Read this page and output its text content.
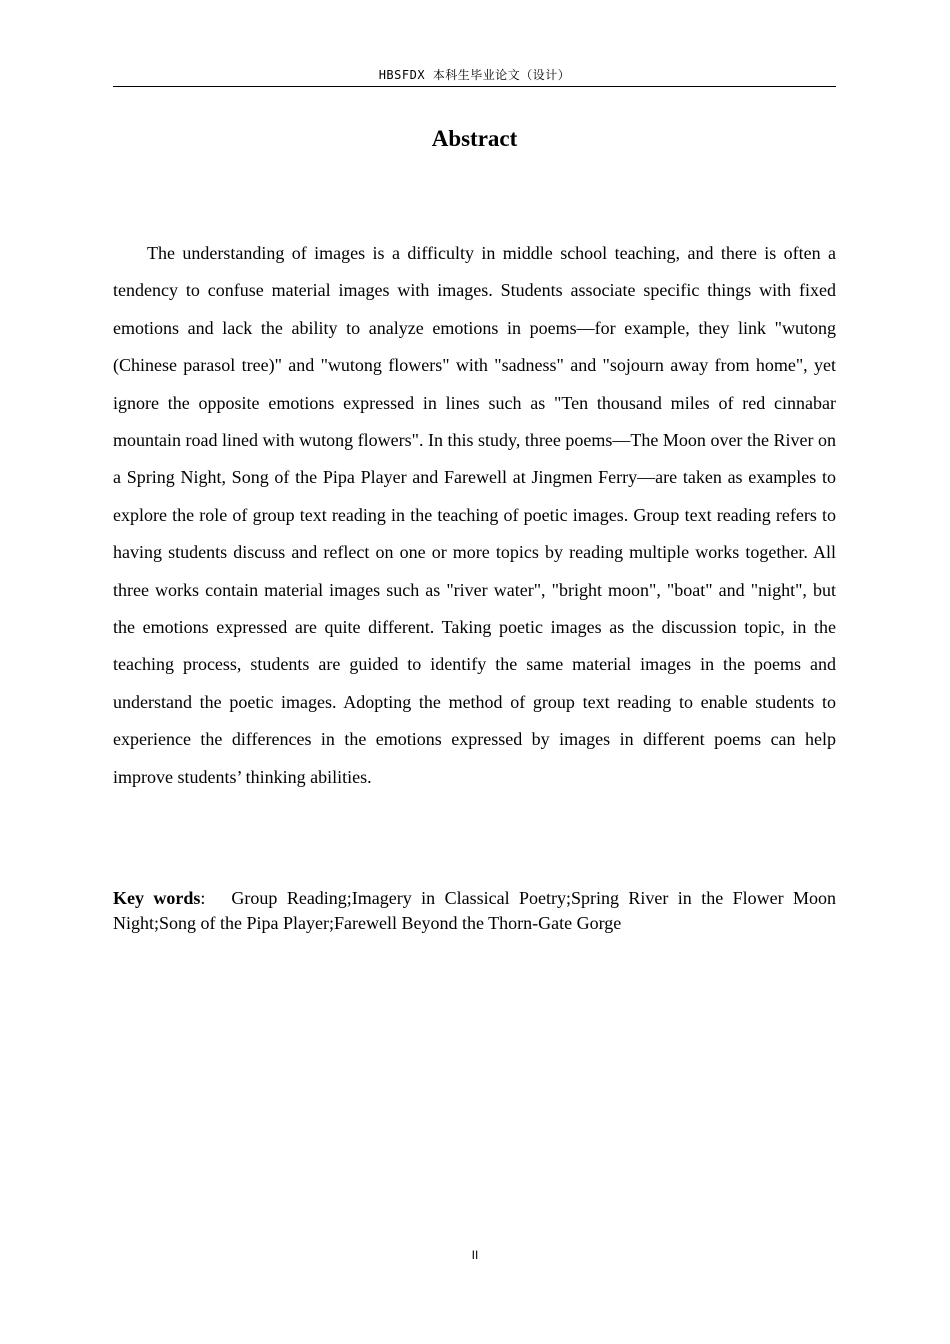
HBSFDX 本科生毕业论文（设计）
Abstract

The understanding of images is a difficulty in middle school teaching, and there is often a tendency to confuse material images with images. Students associate specific things with fixed emotions and lack the ability to analyze emotions in poems—for example, they link "wutong (Chinese parasol tree)" and "wutong flowers" with "sadness" and "sojourn away from home", yet ignore the opposite emotions expressed in lines such as "Ten thousand miles of red cinnabar mountain road lined with wutong flowers". In this study, three poems—The Moon over the River on a Spring Night, Song of the Pipa Player and Farewell at Jingmen Ferry—are taken as examples to explore the role of group text reading in the teaching of poetic images. Group text reading refers to having students discuss and reflect on one or more topics by reading multiple works together. All three works contain material images such as "river water", "bright moon", "boat" and "night", but the emotions expressed are quite different. Taking poetic images as the discussion topic, in the teaching process, students are guided to identify the same material images in the poems and understand the poetic images. Adopting the method of group text reading to enable students to experience the differences in the emotions expressed by images in different poems can help improve students’ thinking abilities.

Key words: Group Reading;Imagery in Classical Poetry;Spring River in the Flower Moon Night;Song of the Pipa Player;Farewell Beyond the Thorn-Gate Gorge

II
